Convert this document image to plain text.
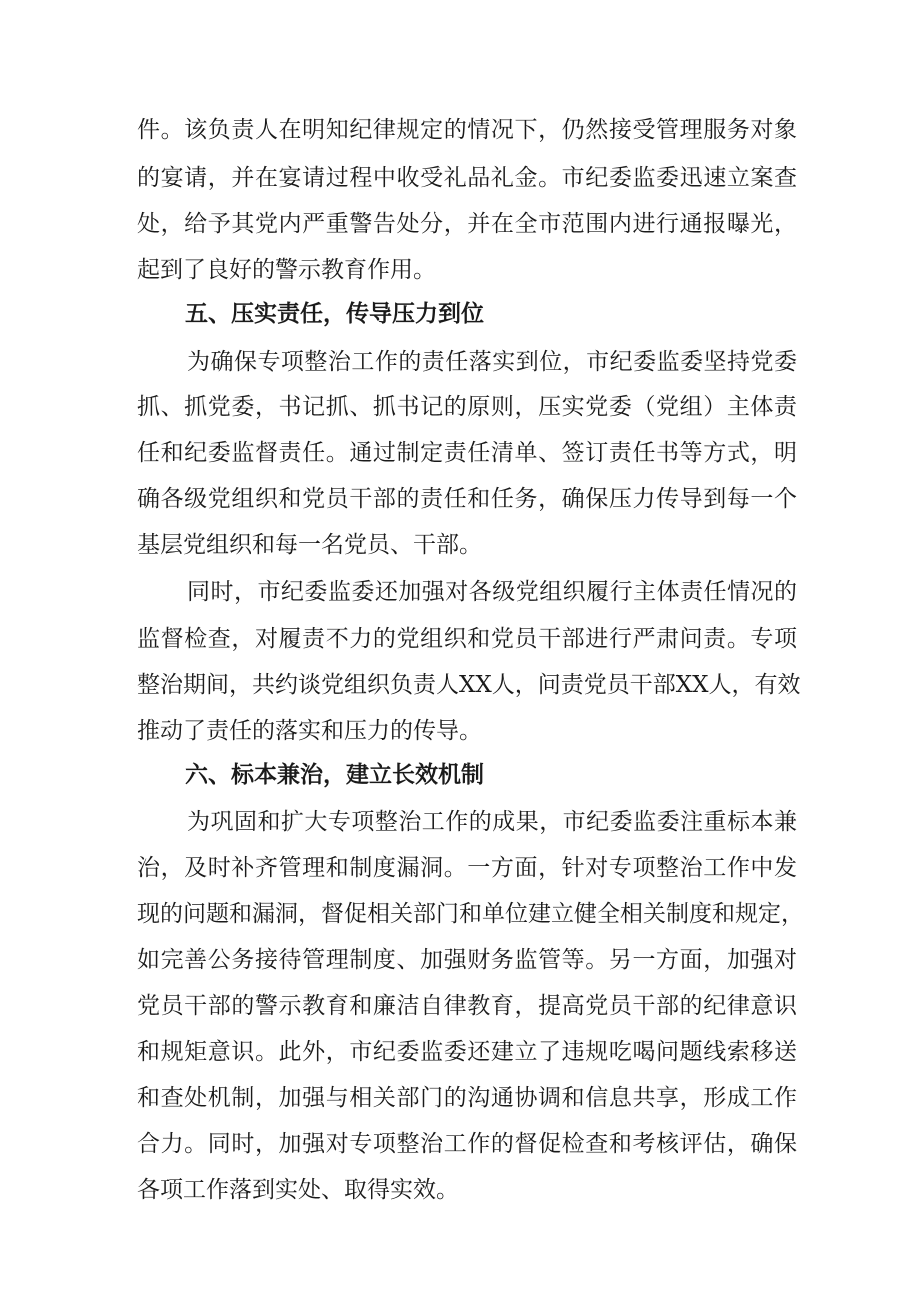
件。该负责人在明知纪律规定的情况下，仍然接受管理服务对象
的宴请，并在宴请过程中收受礼品礼金。市纪委监委迅速立案查
处，给予其党内严重警告处分，并在全市范围内进行通报曝光，
起到了良好的警示教育作用。
五、压实责任，传导压力到位
为确保专项整治工作的责任落实到位，市纪委监委坚持党委
抓、抓党委，书记抓、抓书记的原则，压实党委（党组）主体责
任和纪委监督责任。通过制定责任清单、签订责任书等方式，明
确各级党组织和党员干部的责任和任务，确保压力传导到每一个
基层党组织和每一名党员、干部。
同时，市纪委监委还加强对各级党组织履行主体责任情况的
监督检查，对履责不力的党组织和党员干部进行严肃问责。专项
整治期间，共约谈党组织负责人XX人，问责党员干部XX人，有效
推动了责任的落实和压力的传导。
六、标本兼治，建立长效机制
为巩固和扩大专项整治工作的成果，市纪委监委注重标本兼
治，及时补齐管理和制度漏洞。一方面，针对专项整治工作中发
现的问题和漏洞，督促相关部门和单位建立健全相关制度和规定，
如完善公务接待管理制度、加强财务监管等。另一方面，加强对
党员干部的警示教育和廉洁自律教育，提高党员干部的纪律意识
和规矩意识。此外，市纪委监委还建立了违规吃喝问题线索移送
和查处机制，加强与相关部门的沟通协调和信息共享，形成工作
合力。同时，加强对专项整治工作的督促检查和考核评估，确保
各项工作落到实处、取得实效。
